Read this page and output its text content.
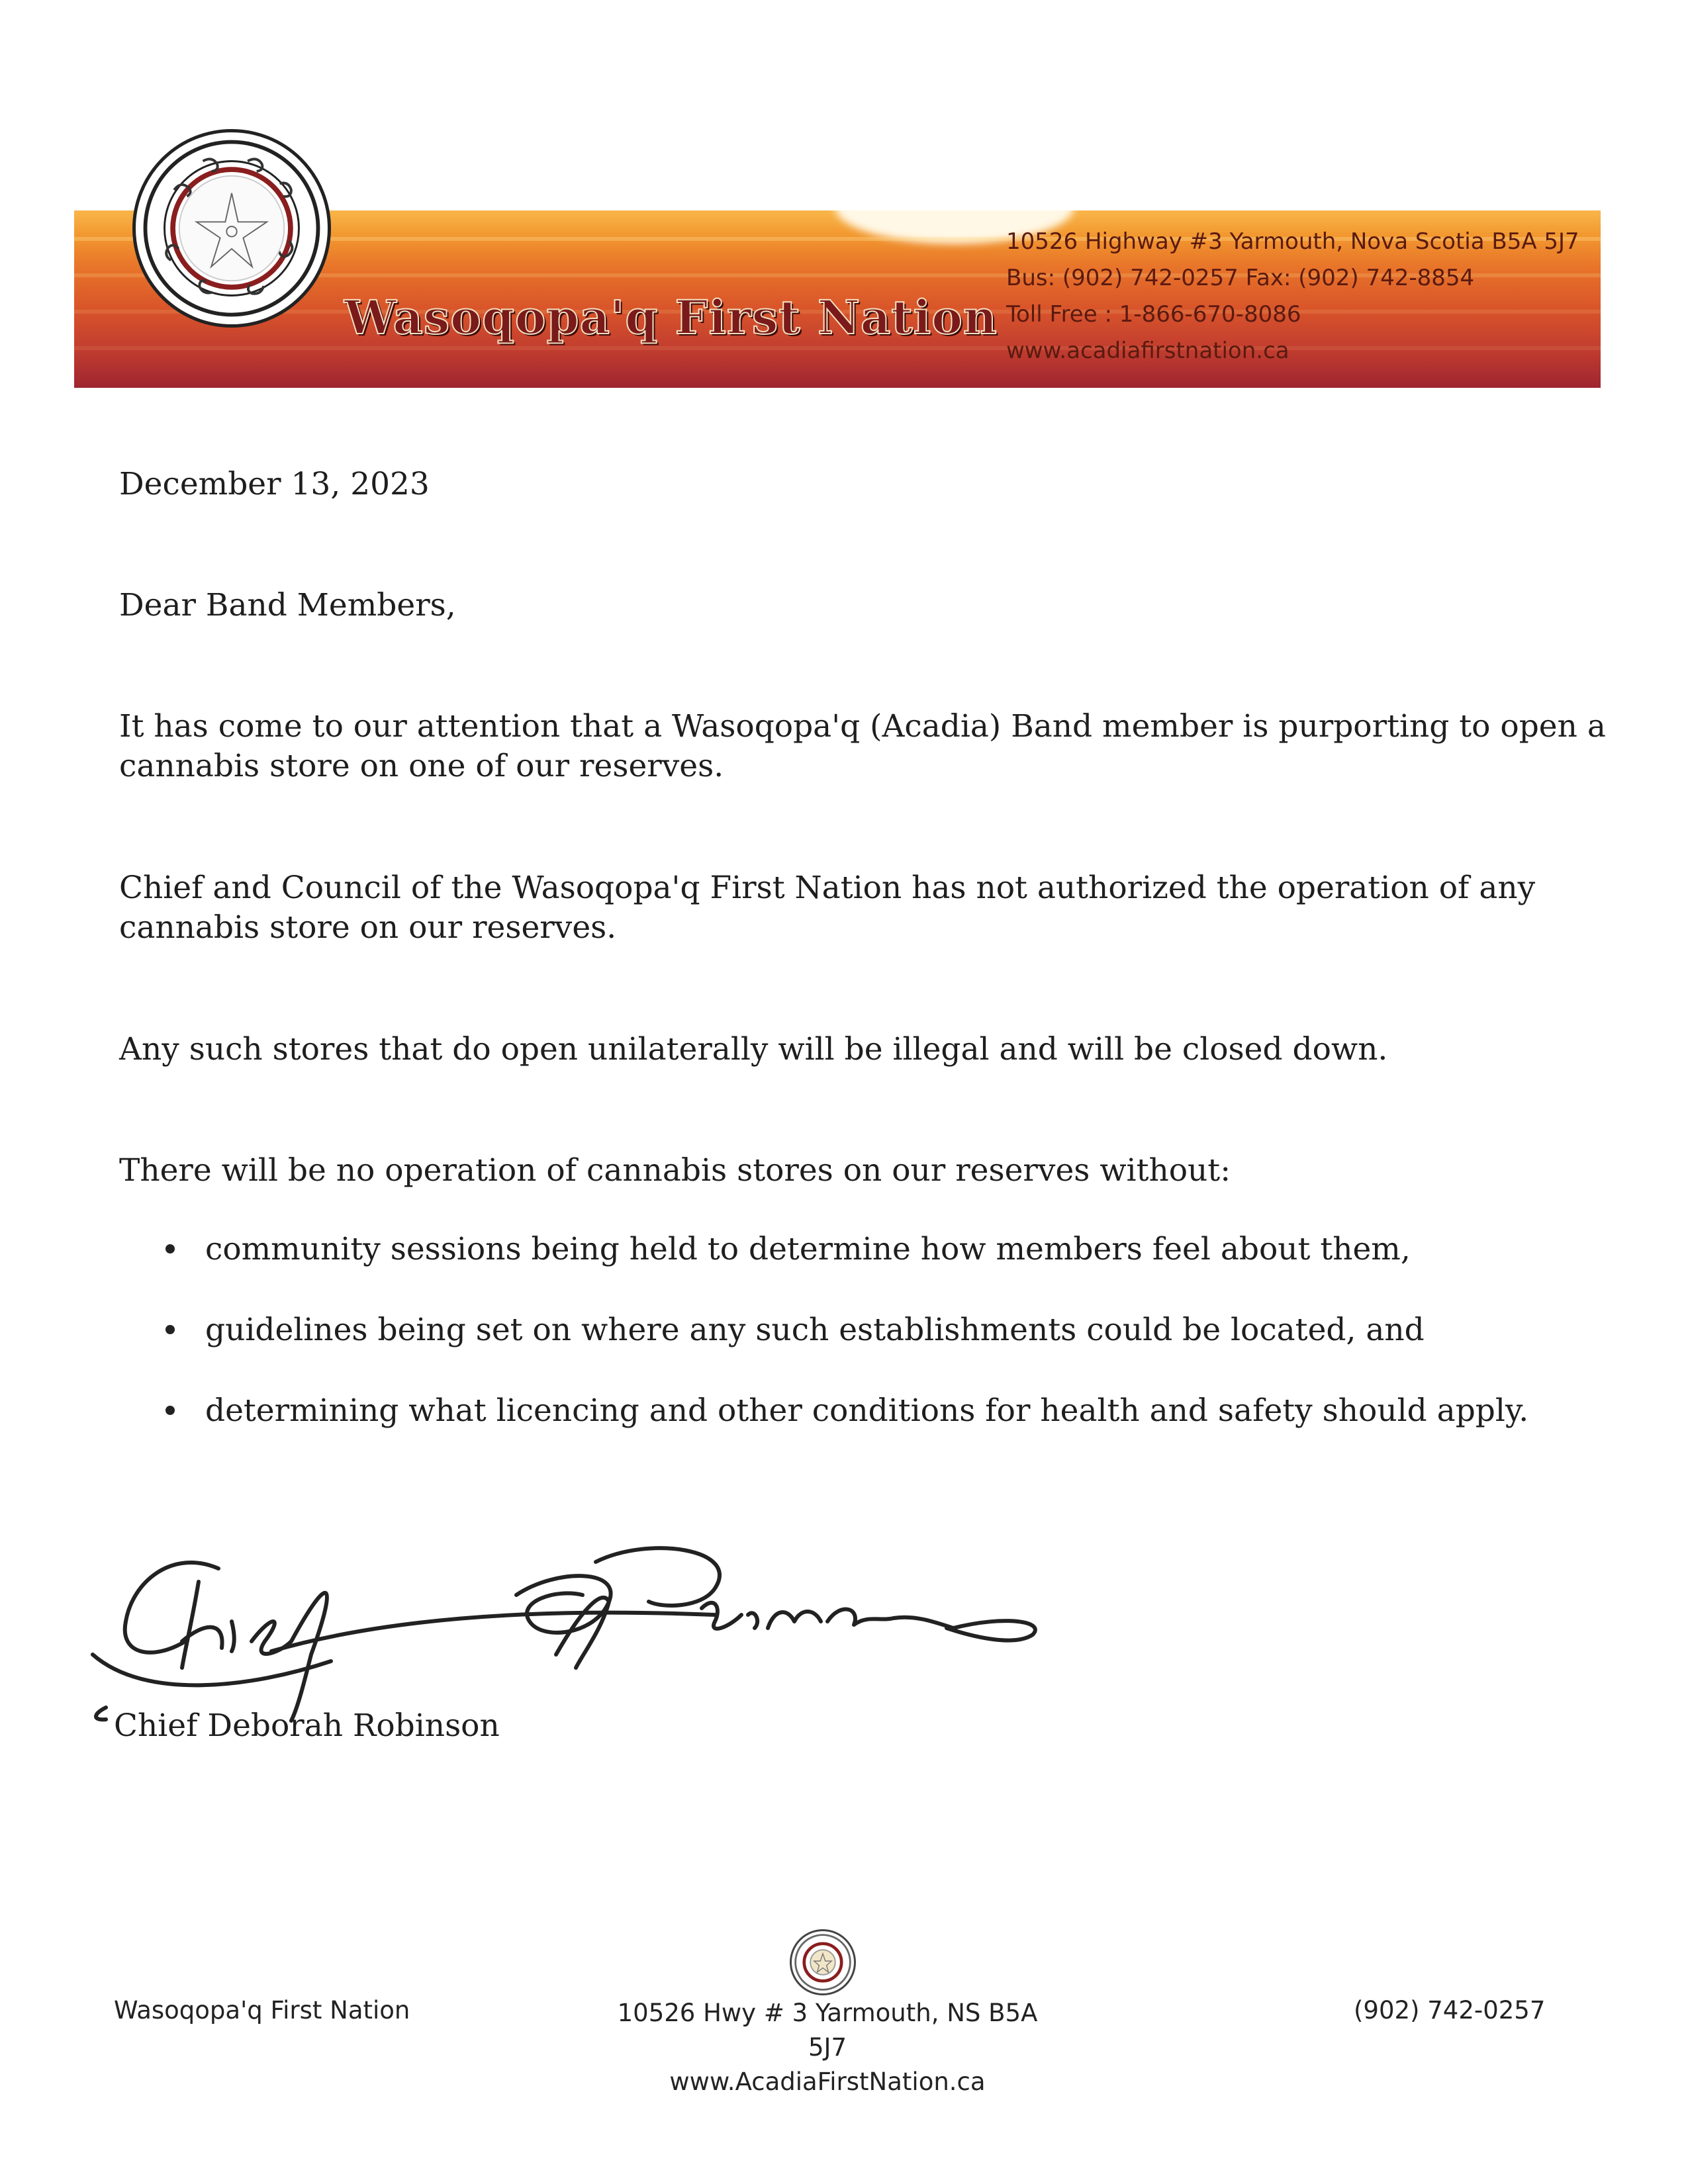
Wasoqopa'q First Nation
10526 Highway #3 Yarmouth, Nova Scotia B5A 5J7
Bus: (902) 742-0257 Fax: (902) 742-8854
Toll Free : 1-866-670-8086
www.acadiafirstnation.ca
December 13, 2023
Dear Band Members,
It has come to our attention that a Wasoqopa'q (Acadia) Band member is purporting to open a
cannabis store on one of our reserves.
Chief and Council of the Wasoqopa'q First Nation has not authorized the operation of any
cannabis store on our reserves.
Any such stores that do open unilaterally will be illegal and will be closed down.
There will be no operation of cannabis stores on our reserves without:
community sessions being held to determine how members feel about them,
guidelines being set on where any such establishments could be located, and
determining what licencing and other conditions for health and safety should apply.
Chief Deborah Robinson
Wasoqopa'q First Nation	10526 Hwy # 3 Yarmouth, NS B5A 5J7
www.AcadiaFirstNation.ca
(902) 742-0257
